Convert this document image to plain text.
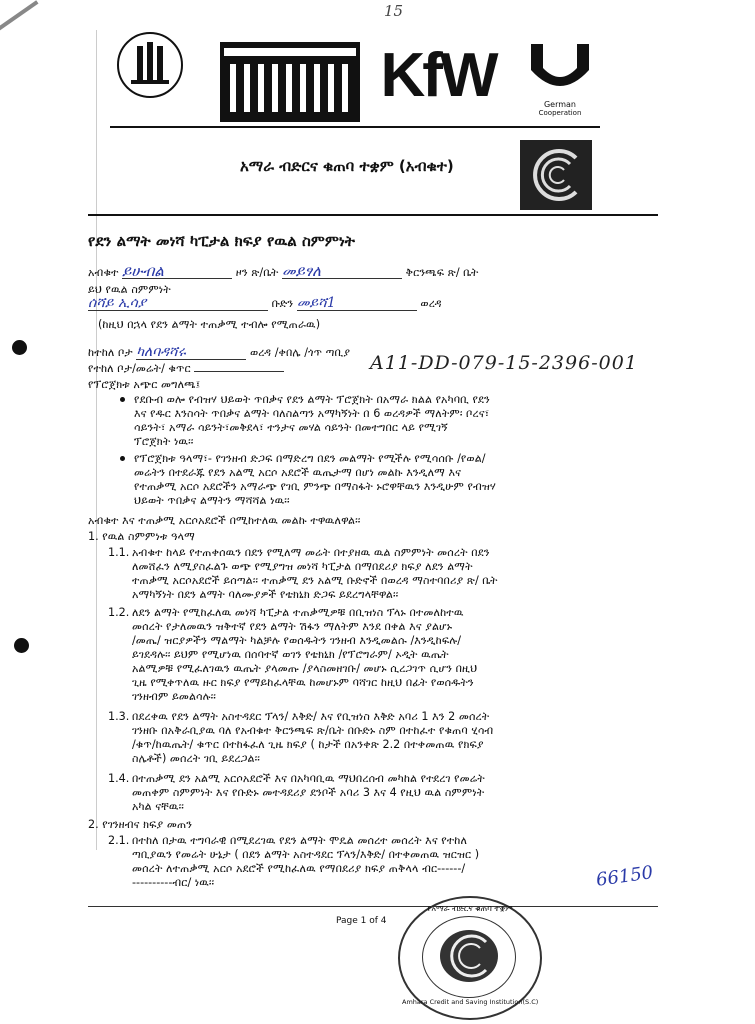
15
KfW	German
Cooperation
አማራ ብድርና ቁጠባ ተቋም (አብቁተ)
የደን ልማት መነሻ ካፒታል ክፍያ የዉል ስምምነት
አብቁተ ይሁብል	ዞን ጽ/ቤት መይፃለ	ቅርንጫፍ ጽ/ ቤት
ይህ የዉል ስምምነት
ሰሻይ ኢሳያ	ቡድን መይሻ1	ወረዳ
(ከዚህ በኋላ የደን ልማት ተጠቃሚ ተብሎ የሚጠራዉ)
ከተከለ ቦታ ካለባዳሻሩ	ወረዳ /ቀበሌ /ጎጥ ጣቢያ
የተከለ ቦታ/መሬት/ ቁጥር	A11-DD-079-15-2396-001
የፕሮጀክቱ አጭር መግለጫ፤
የደቡብ ወሎ የብዝሃ ህይወት ጥበቃና የደን ልማት ፕሮጀክት በአማራ ክልል የአካባቢ የደን
እና የዱር እንስሳት ጥበቃና ልማት ባለስልጣን አማካኝነት በ 6 ወረዳዎች ማለትም፡ ቦረና፣
ሳይንት፣ አማራ ሳይንት፣መቅደላ፣ ተንታና መሃል ሳይንት በመተግበር ላይ የሚገኝ
ፕሮጀክት ነዉ፡፡
የፕሮጀክቱ ዓላማ፣- የገንዘብ ድጋፍ በማድረግ በደን መልማት የሚችሉ የሚሳሰቡ /የወል/
መሬትን በተደራጁ የደን አልሚ አርሶ አደሮች ዉጤታማ በሆነ መልኩ እንዲለማ እና
የተጠቃሚ አርሶ አደሮችን አማራጭ የገቢ ምንጭ በማስፋት ኑሮዋቸዉን እንዲሁም የብዝሃ
ህይወት ጥበቃና ልማትን ማሻሻል ነዉ፡፡
አብቁተ እና ተጠቃሚ አርሶአደሮች በሚከተለዉ መልኩ ተዋዉለዋል፡፡
1. የዉል ስምምነቱ ዓላማ
1.1. አብቁተ ከላይ የተጠቀሰዉን በደን የሚለማ መሬት በተያዘዉ ዉል ስምምነት መሰረት በደን
ለመሸፈን ለሚያስፈልጉ ወጭ የሚያግዝ መነሻ ካፒታል በማበደሪያ ክፍያ ለደን ልማት
ተጠቃሚ አርሶአደሮች ይሰጣል፡፡ ተጠቃሚ ደን አልሚ ቡድኖች በወረዳ ማስተባበሪያ ጽ/ ቤት
አማካኝነት በደን ልማት ባለሙያዎች የቴክኒክ ድጋፍ ይደረግላቸዋል፡፡
1.2. ለደን ልማት የሚከፈለዉ መነሻ ካፒታል ተጠቃሚዎቹ በቢዝነስ ፕላኑ በተመለከተዉ
መሰረት የታለመዉን ዝቅተኛ የደን ልማት ሽፋን ማለትም እንደ በቀል እና ያልሆኑ
/መጤ/ ዝርያዎችን ማልማት ካልቻሉ የወሰዱትን ገንዘብ እንዲመልሱ /እንዲከፍሉ/
ይገደዳሉ፡፡ ይህም የሚሆነዉ በሰባተኛ ወገን የቴክኒክ /የፕሮግራም/ ኦዲት ዉጤት
አልሚዎቹ የሚፈለገዉን ዉጤት ያላመጡ /ያላስመዘገቡ/ መሆኑ ሲረጋገጥ ሲሆን በዚህ
ጊዜ የሚቀጥለዉ ዙር ክፍያ የማይከፈላቸዉ ከመሆኑም ባሻገር ከዚህ በፊት የወሰዱትን
ገንዘብም ይመልሳሉ፡፡
1.3. በደረቀዉ የደን ልማት አስተዳደር ፕላን/ እቅድ/ እና የቢዝነስ እቅድ አባሪ 1 እን 2 መሰረት
ገንዘቡ በአቅራቢያዉ ባለ የአብቁተ ቅርንጫፍ ጽ/ቤት በቡድኑ ስም በተከፈተ የቁጠባ ሂሳብ
/ቁጥ/ከዉጤት/ ቁጥር በተከፋፈለ ጊዜ ክፍያ ( ከታች በአንቀጽ 2.2 በተቀመጠዉ የክፍያ
ስሌቶች) መሰረት ገቢ ይደረጋል፡፡
1.4. በተጠቃሚ ደን አልሚ አርሶአደሮች እና በአካባቢዉ ማህበረሰብ መካከል የተደረገ የመሬት
መጠቀም ስምምነት እና የቡድኑ መተዳደሪያ ደንቦች አባሪ 3 እና 4 የዚህ ዉል ስምምነት
አካል ናቸዉ፡፡
2. የገንዘብና ክፍያ መጠን
2.1. በተከለ በታዉ ተግባራዊ በሚደረገዉ የደን ልማት ሞዴል መሰረተ መሰረት እና የተከለ
ጣቢያዉን የመሬት ሁኔታ ( በደን ልማት አስተዳደር ፕላን/እቅድ/ በተቀመጠዉ ዝርዝር )
መሰረት ለተጠቃሚ አርሶ አደሮች የሚከፈለዉ የማበደሪያ ክፍያ ጠቅላላ ብር------/
----------ብር/ ነዉ፡፡	66150
Page 1 of 4
የአማራ ብድርና ቁጠባ ተቋም
Amhara Credit and Saving Institution(S.C)
